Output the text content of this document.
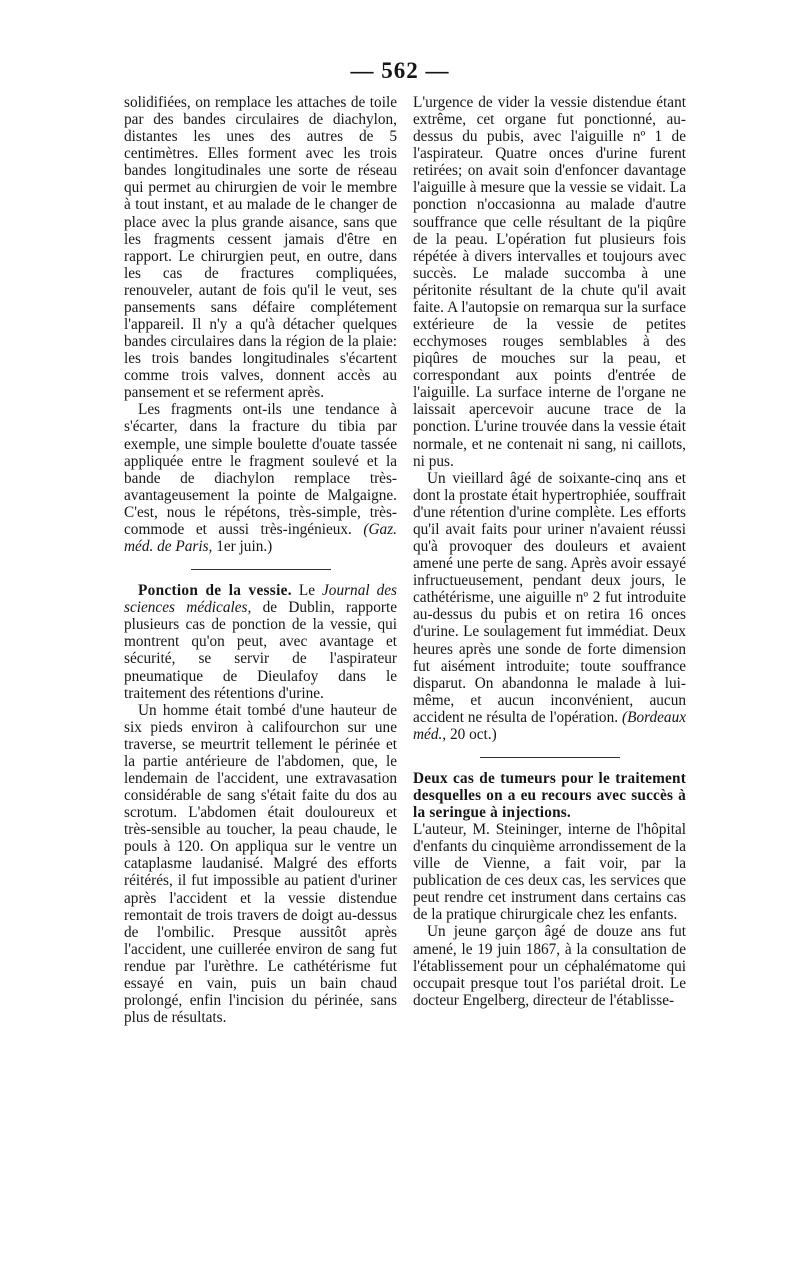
— 562 —

solidifiées, on remplace les attaches de toile par des bandes circulaires de diachylon, distantes les unes des autres de 5 centimètres. Elles forment avec les trois bandes longitudinales une sorte de réseau qui permet au chirurgien de voir le membre à tout instant, et au malade de le changer de place avec la plus grande aisance, sans que les fragments cessent jamais d'être en rapport. Le chirurgien peut, en outre, dans les cas de fractures compliquées, renouveler, autant de fois qu'il le veut, ses pansements sans défaire complétement l'appareil. Il n'y a qu'à détacher quelques bandes circulaires dans la région de la plaie: les trois bandes longitudinales s'écartent comme trois valves, donnent accès au pansement et se referment après.

Les fragments ont-ils une tendance à s'écarter, dans la fracture du tibia par exemple, une simple boulette d'ouate tassée appliquée entre le fragment soulevé et la bande de diachylon remplace très-avantageusement la pointe de Malgaigne. C'est, nous le répétons, très-simple, très-commode et aussi très-ingénieux. (Gaz. méd. de Paris, 1er juin.)

Ponction de la vessie. Le Journal des sciences médicales, de Dublin, rapporte plusieurs cas de ponction de la vessie, qui montrent qu'on peut, avec avantage et sécurité, se servir de l'aspirateur pneumatique de Dieulafoy dans le traitement des rétentions d'urine.

Un homme était tombé d'une hauteur de six pieds environ à califourchon sur une traverse, se meurtrit tellement le périnée et la partie antérieure de l'abdomen, que, le lendemain de l'accident, une extravasation considérable de sang s'était faite du dos au scrotum. L'abdomen était douloureux et très-sensible au toucher, la peau chaude, le pouls à 120. On appliqua sur le ventre un cataplasme laudanisé. Malgré des efforts réitérés, il fut impossible au patient d'uriner après l'accident et la vessie distendue remontait de trois travers de doigt au-dessus de l'ombilic. Presque aussitôt après l'accident, une cuillerée environ de sang fut rendue par l'urèthre. Le cathétérisme fut essayé en vain, puis un bain chaud prolongé, enfin l'incision du périnée, sans plus de résultats.

L'urgence de vider la vessie distendue étant extrême, cet organe fut ponctionné, au-dessus du pubis, avec l'aiguille nº 1 de l'aspirateur. Quatre onces d'urine furent retirées; on avait soin d'enfoncer davantage l'aiguille à mesure que la vessie se vidait. La ponction n'occasionna au malade d'autre souffrance que celle résultant de la piqûre de la peau. L'opération fut plusieurs fois répétée à divers intervalles et toujours avec succès. Le malade succomba à une péritonite résultant de la chute qu'il avait faite. A l'autopsie on remarqua sur la surface extérieure de la vessie de petites ecchymoses rouges semblables à des piqûres de mouches sur la peau, et correspondant aux points d'entrée de l'aiguille. La surface interne de l'organe ne laissait apercevoir aucune trace de la ponction. L'urine trouvée dans la vessie était normale, et ne contenait ni sang, ni caillots, ni pus.

Un vieillard âgé de soixante-cinq ans et dont la prostate était hypertrophiée, souffrait d'une rétention d'urine complète. Les efforts qu'il avait faits pour uriner n'avaient réussi qu'à provoquer des douleurs et avaient amené une perte de sang. Après avoir essayé infructueusement, pendant deux jours, le cathétérisme, une aiguille nº 2 fut introduite au-dessus du pubis et on retira 16 onces d'urine. Le soulagement fut immédiat. Deux heures après une sonde de forte dimension fut aisément introduite; toute souffrance disparut. On abandonna le malade à lui-même, et aucun inconvénient, aucun accident ne résulta de l'opération. (Bordeaux méd., 20 oct.)

Deux cas de tumeurs pour le traitement desquelles on a eu recours avec succès à la seringue à injections.

L'auteur, M. Steininger, interne de l'hôpital d'enfants du cinquième arrondissement de la ville de Vienne, a fait voir, par la publication de ces deux cas, les services que peut rendre cet instrument dans certains cas de la pratique chirurgicale chez les enfants.

Un jeune garçon âgé de douze ans fut amené, le 19 juin 1867, à la consultation de l'établissement pour un céphalématome qui occupait presque tout l'os pariétal droit. Le docteur Engelberg, directeur de l'établisse-
